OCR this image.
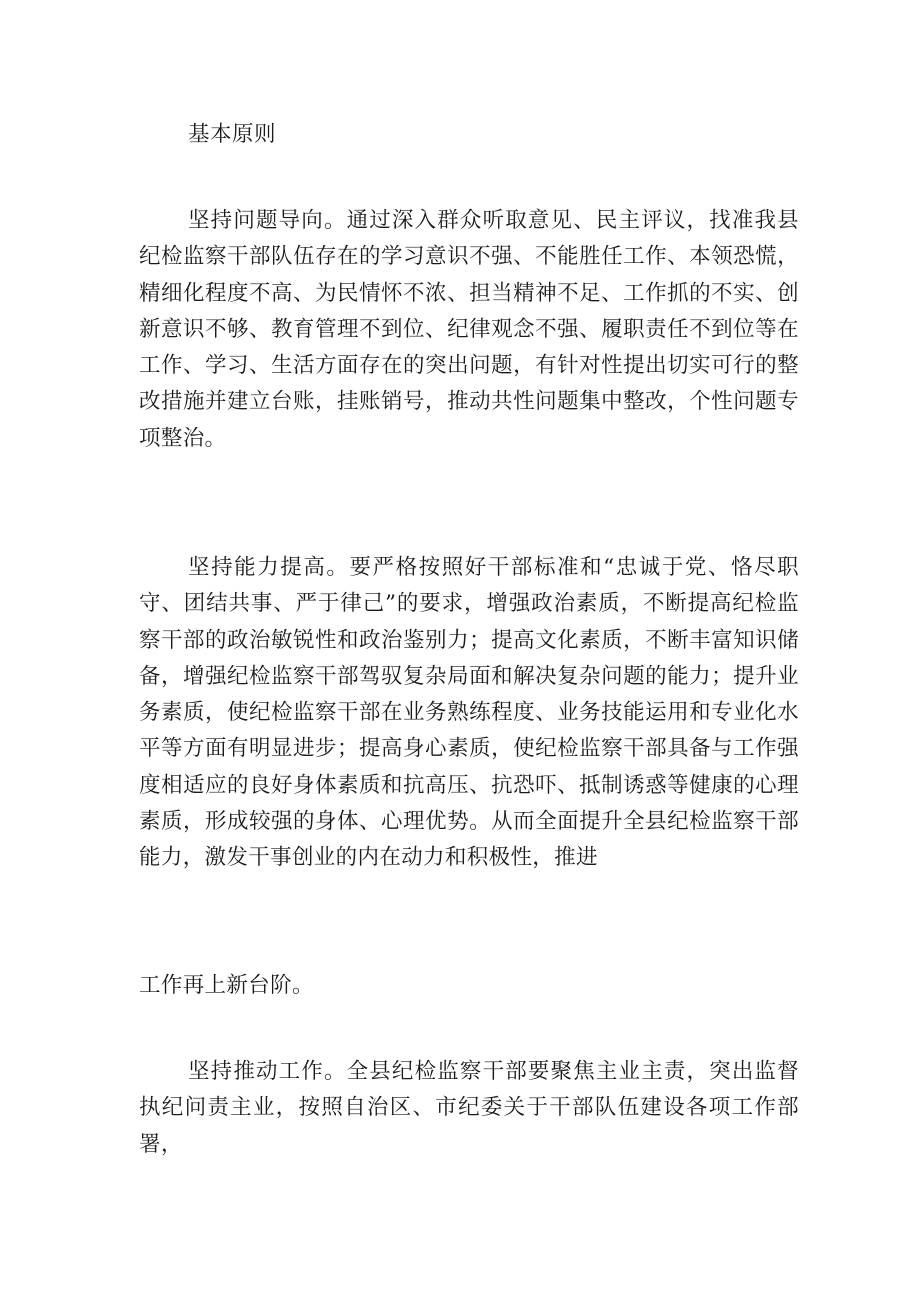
基本原则

坚持问题导向。通过深入群众听取意见、民主评议，找准我县纪检监察干部队伍存在的学习意识不强、不能胜任工作、本领恐慌，精细化程度不高、为民情怀不浓、担当精神不足、工作抓的不实、创新意识不够、教育管理不到位、纪律观念不强、履职责任不到位等在工作、学习、生活方面存在的突出问题，有针对性提出切实可行的整改措施并建立台账，挂账销号，推动共性问题集中整改，个性问题专项整治。

坚持能力提高。要严格按照好干部标准和“忠诚于党、恪尽职守、团结共事、严于律己”的要求，增强政治素质，不断提高纪检监察干部的政治敏锐性和政治鉴别力；提高文化素质，不断丰富知识储备，增强纪检监察干部驾驭复杂局面和解决复杂问题的能力；提升业务素质，使纪检监察干部在业务熟练程度、业务技能运用和专业化水平等方面有明显进步；提高身心素质，使纪检监察干部具备与工作强度相适应的良好身体素质和抗高压、抗恐吓、抵制诱惑等健康的心理素质，形成较强的身体、心理优势。从而全面提升全县纪检监察干部能力，激发干事创业的内在动力和积极性，推进

工作再上新台阶。

坚持推动工作。全县纪检监察干部要聚焦主业主责，突出监督执纪问责主业，按照自治区、市纪委关于干部队伍建设各项工作部署，
